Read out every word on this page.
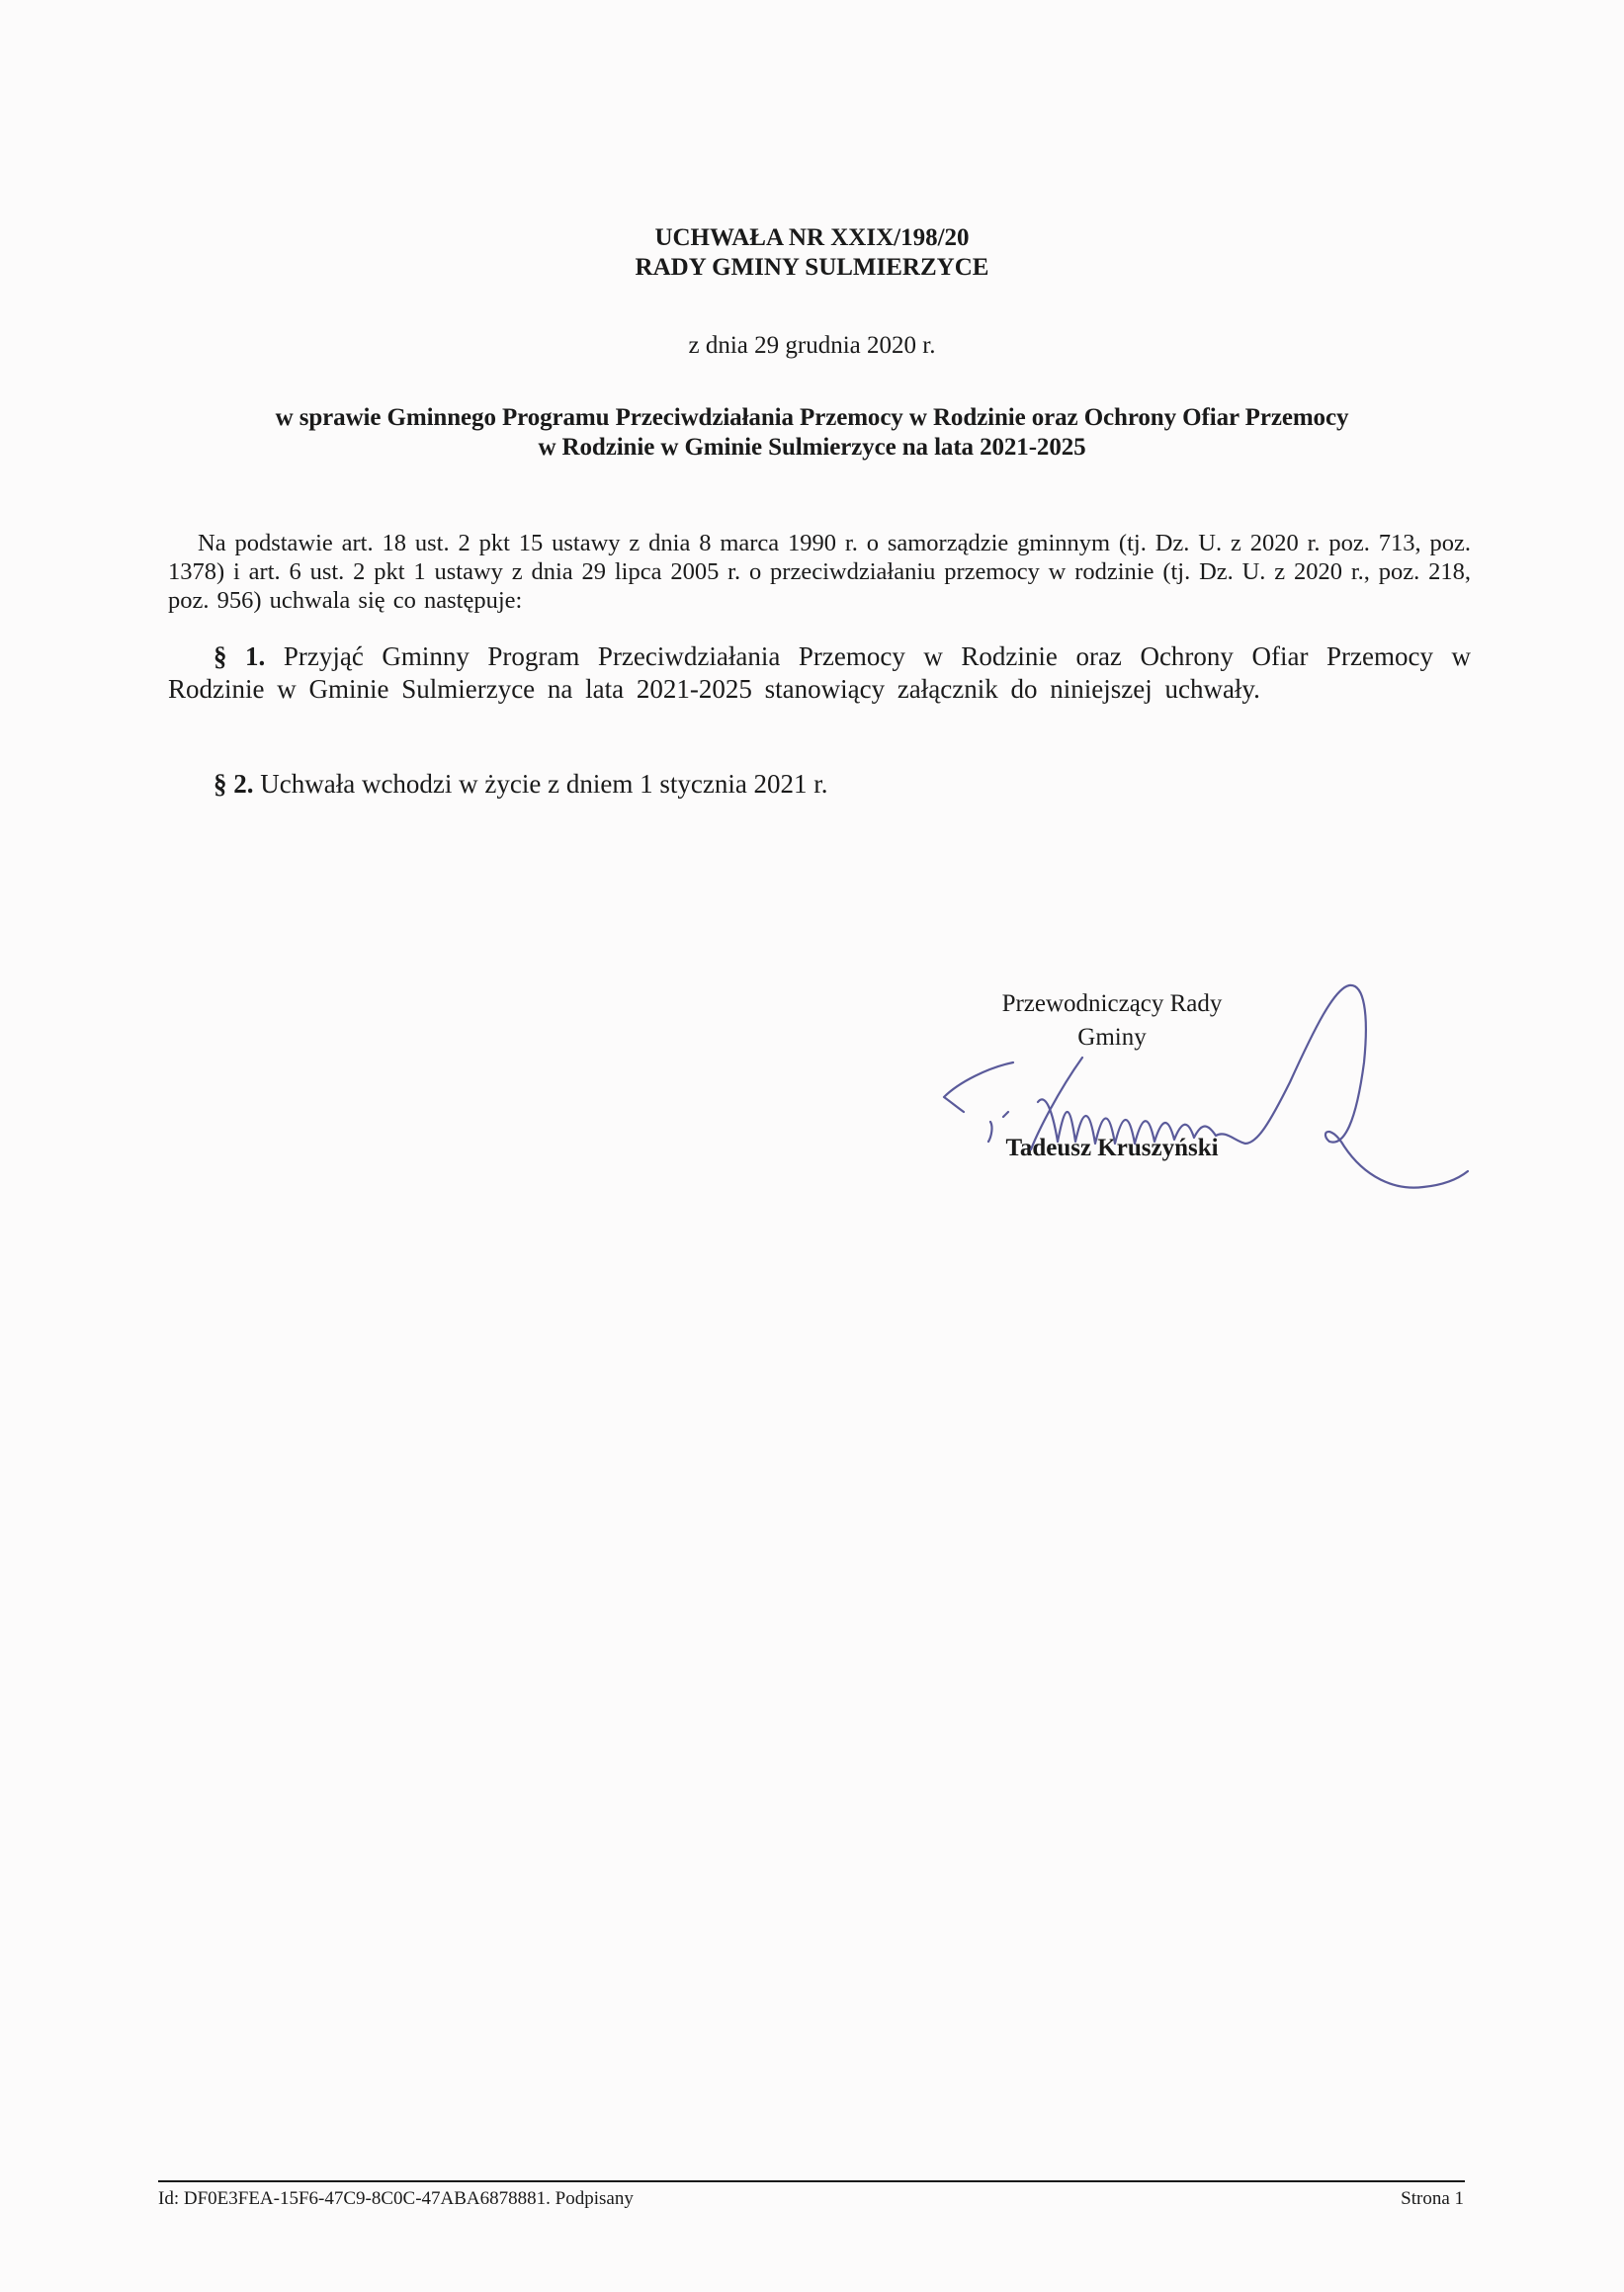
UCHWAŁA NR XXIX/198/20
RADY GMINY SULMIERZYCE
z dnia 29 grudnia 2020 r.
w sprawie Gminnego Programu Przeciwdziałania Przemocy w Rodzinie oraz Ochrony Ofiar Przemocy
w Rodzinie w Gminie Sulmierzyce na lata 2021-2025
Na podstawie art. 18 ust. 2 pkt 15 ustawy z dnia 8 marca 1990 r. o samorządzie gminnym (tj. Dz. U. z 2020 r. poz. 713, poz. 1378) i art. 6 ust. 2 pkt 1 ustawy z dnia 29 lipca 2005 r. o przeciwdziałaniu przemocy w rodzinie (tj. Dz. U. z 2020 r., poz. 218, poz. 956) uchwala się co następuje:
§ 1. Przyjąć Gminny Program Przeciwdziałania Przemocy w Rodzinie oraz Ochrony Ofiar Przemocy w Rodzinie w Gminie Sulmierzyce na lata 2021-2025 stanowiący załącznik do niniejszej uchwały.
§ 2. Uchwała wchodzi w życie z dniem 1 stycznia 2021 r.
Przewodniczący Rady
Gminy
Tadeusz Kruszyński
Id: DF0E3FEA-15F6-47C9-8C0C-47ABA6878881. Podpisany	Strona 1
